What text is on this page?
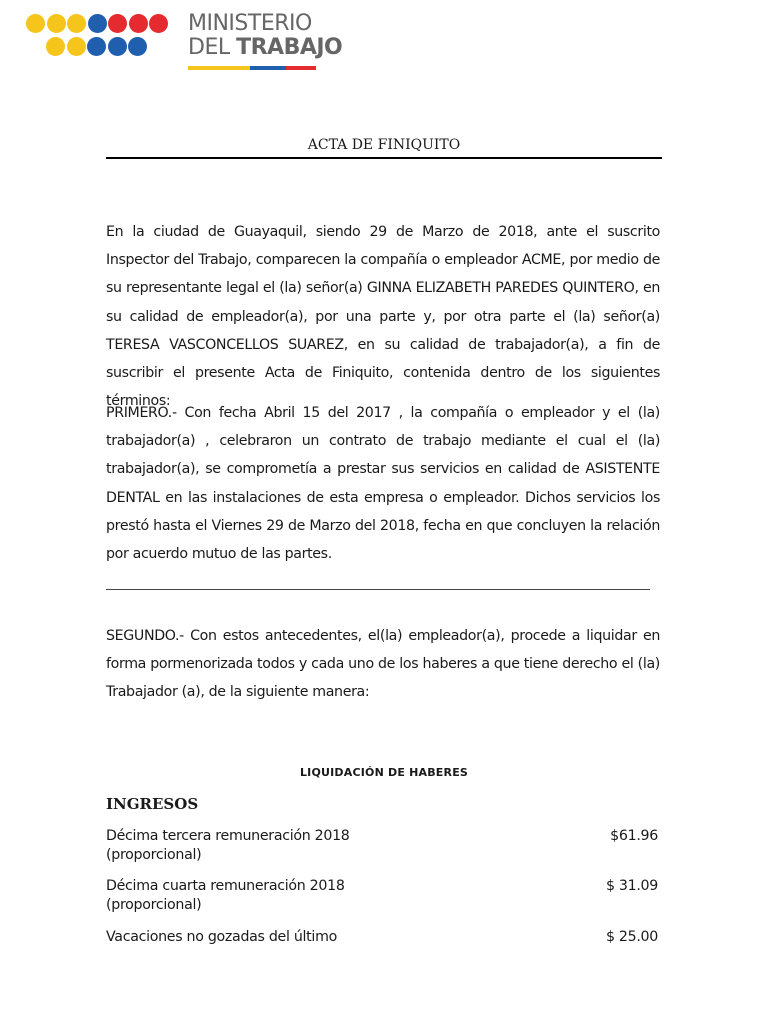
MINISTERIO
DEL TRABAJO
ACTA DE FINIQUITO
En la ciudad de Guayaquil, siendo 29 de Marzo de 2018, ante el suscrito Inspector del Trabajo, comparecen la compañía o empleador ACME, por medio de su representante legal el (la) señor(a) GINNA ELIZABETH PAREDES QUINTERO, en su calidad de empleador(a), por una parte y, por otra parte el (la) señor(a) TERESA VASCONCELLOS SUAREZ, en su calidad de trabajador(a), a fin de suscribir el presente Acta de Finiquito, contenida dentro de los siguientes términos:
PRIMERO.- Con fecha Abril 15 del 2017 , la compañía o empleador y el (la) trabajador(a) , celebraron un contrato de trabajo mediante el cual el (la) trabajador(a), se comprometía a prestar sus servicios en calidad de ASISTENTE DENTAL en las instalaciones de esta empresa o empleador. Dichos servicios los prestó hasta el Viernes 29 de Marzo del 2018, fecha en que concluyen la relación por acuerdo mutuo de las partes.
SEGUNDO.- Con estos antecedentes, el(la) empleador(a), procede a liquidar en forma pormenorizada todos y cada uno de los haberes a que tiene derecho el (la) Trabajador (a), de la siguiente manera:
LIQUIDACIÓN DE HABERES
INGRESOS
Décima tercera remuneración 2018
(proporcional)
$61.96
Décima cuarta remuneración 2018
(proporcional)
$ 31.09
Vacaciones no gozadas del último	$ 25.00
